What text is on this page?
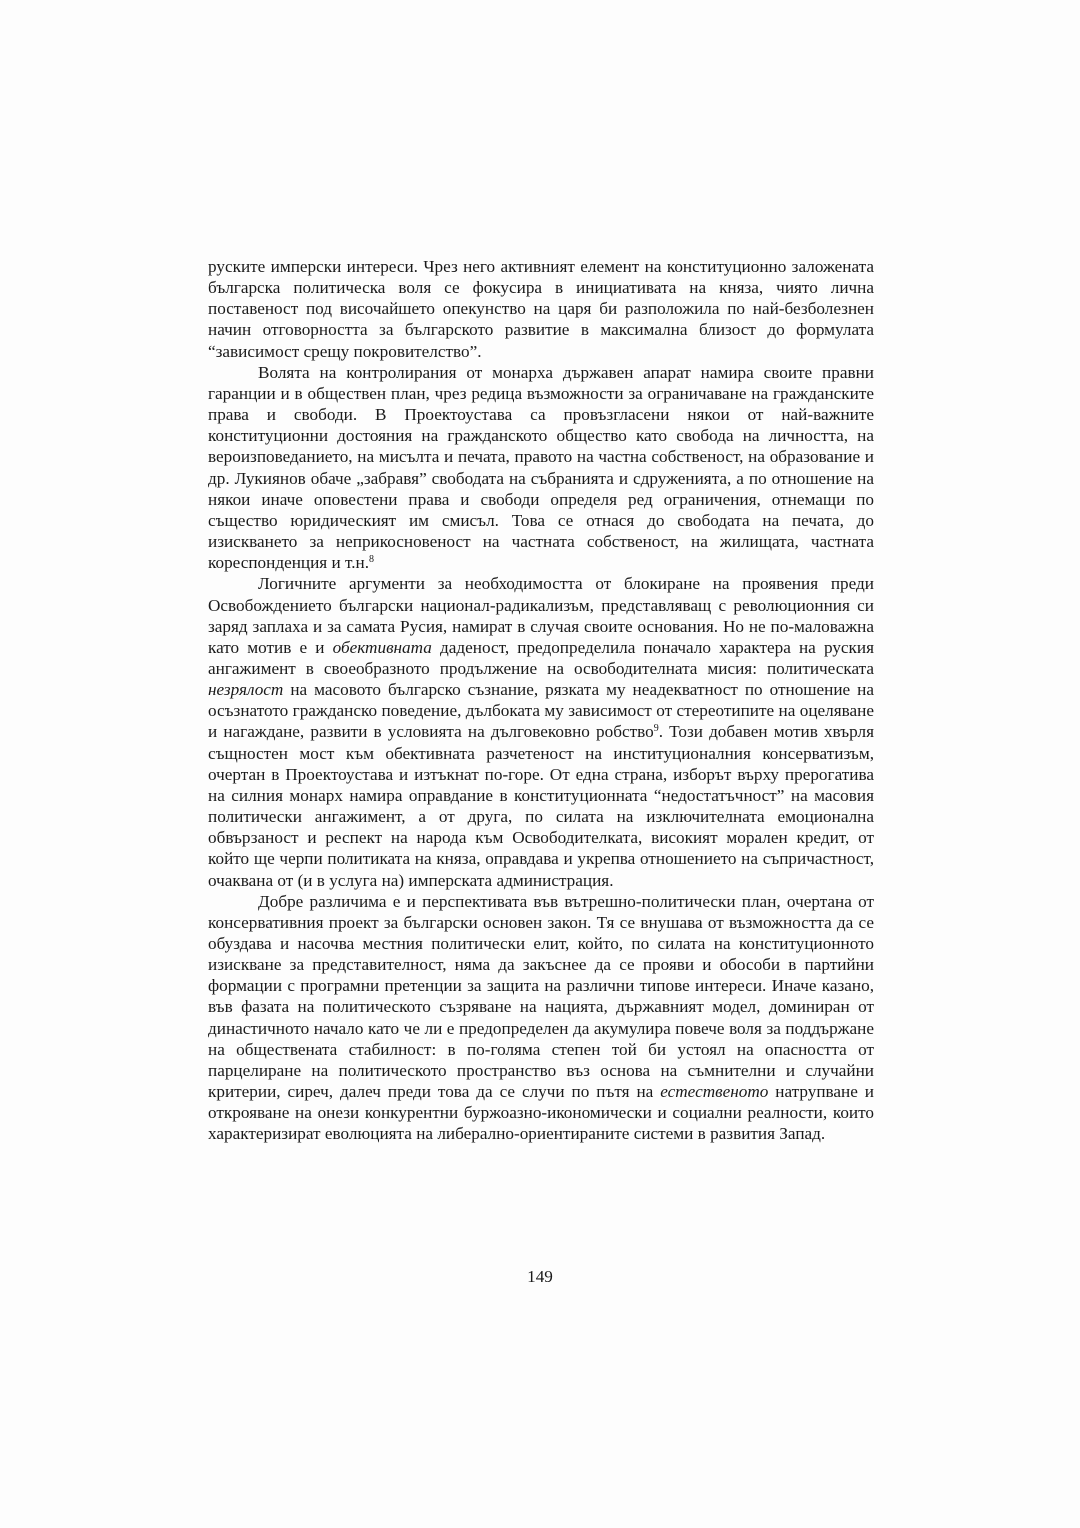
руските имперски интереси. Чрез него активният елемент на конституционно заложената българска политическа воля се фокусира в инициативата на княза, чиято лична поставеност под височайшето опекунство на царя би разположила по най-безболезнен начин отговорността за българското развитие в максимална близост до формулата “зависимост срещу покровителство”.

Волята на контролирания от монарха държавен апарат намира своите правни гаранции и в обществен план, чрез редица възможности за ограничаване на гражданските права и свободи. В Проектоустава са провъзгласени някои от най-важните конституционни достояния на гражданското общество като свобода на личността, на вероизповеданието, на мисълта и печата, правото на частна собственост, на образование и др. Лукиянов обаче „забравя” свободата на събранията и сдруженията, а по отношение на някои иначе оповестени права и свободи определя ред ограничения, отнемащи по същество юридическият им смисъл. Това се отнася до свободата на печата, до изискването за неприкосновеност на частната собственост, на жилищата, частната кореспонденция и т.н.$^8$

Логичните аргументи за необходимостта от блокиране на проявения преди Освобождението български национал-радикализъм, представляващ с революционния си заряд заплаха и за самата Русия, намират в случая своите основания. Но не по-маловажна като мотив е и обективната даденост, предопределила поначало характера на руския ангажимент в своеобразното продължение на освободителната мисия: политическата незрялост на масовото българско съзнание, рязката му неадекватност по отношение на осъзнатото гражданско поведение, дълбоката му зависимост от стереотипите на оцеляване и нагаждане, развити в условията на дълговековно робство$^9$. Този добавен мотив хвърля същностен мост към обективната разчетеност на институционалния консерватизъм, очертан в Проектоустава и изтъкнат по-горе. От една страна, изборът върху прерогатива на силния монарх намира оправдание в конституционната “недостатъчност” на масовия политически ангажимент, а от друга, по силата на изключителната емоционална обвързаност и респект на народа към Освободителката, високият морален кредит, от който ще черпи политиката на княза, оправдава и укрепва отношението на съпричастност, очаквана от (и в услуга на) имперската администрация.

Добре различима е и перспективата във вътрешно-политически план, очертана от консервативния проект за български основен закон. Тя се внушава от възможността да се обуздава и насочва местния политически елит, който, по силата на конституционното изискване за представителност, няма да закъснее да се прояви и обособи в партийни формации с програмни претенции за защита на различни типове интереси. Иначе казано, във фазата на политическото съзряване на нацията, държавният модел, доминиран от династичното начало като че ли е предопределен да акумулира повече воля за поддържане на обществената стабилност: в по-голяма степен той би устоял на опасността от парцелиране на политическото пространство въз основа на съмнителни и случайни критерии, сиреч, далеч преди това да се случи по пътя на естественото натрупване и открояване на онези конкурентни буржоазно-икономически и социални реалности, които характеризират еволюцията на либерално-ориентираните системи в развития Запад.

149
